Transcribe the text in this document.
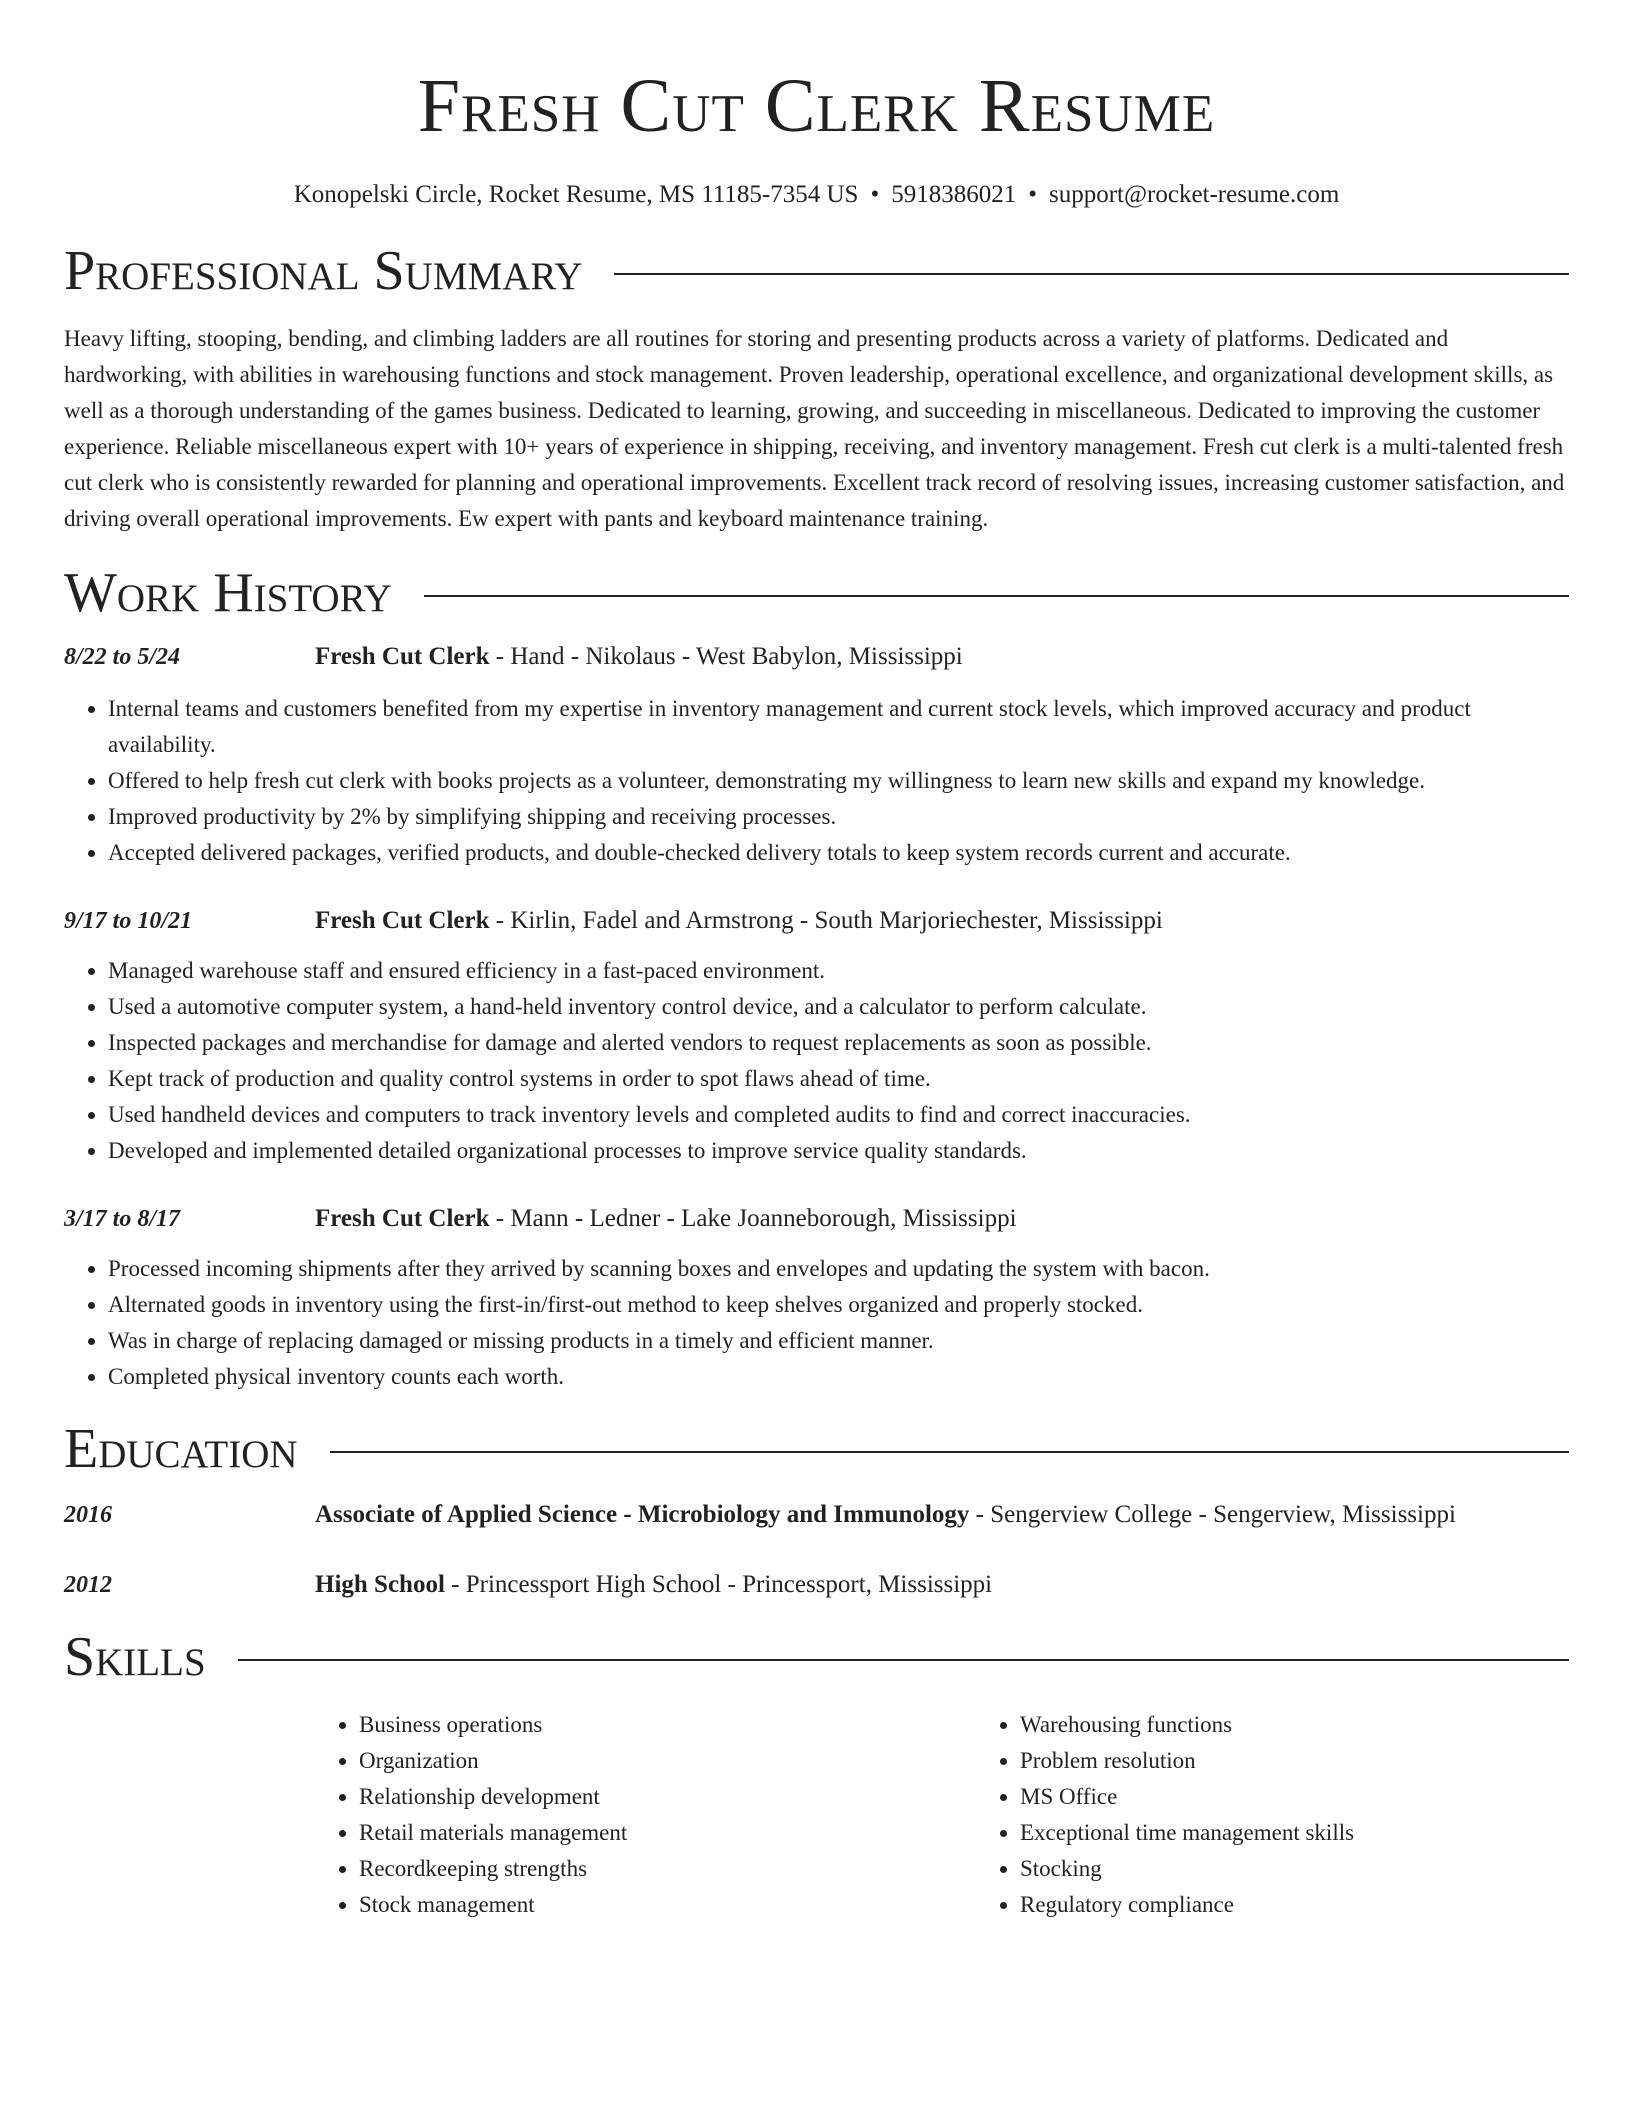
Fresh Cut Clerk Resume
Konopelski Circle, Rocket Resume, MS 11185-7354 US • 5918386021 • support@rocket-resume.com
Professional Summary

Heavy lifting, stooping, bending, and climbing ladders are all routines for storing and presenting products across a variety of platforms. Dedicated and hardworking, with abilities in warehousing functions and stock management. Proven leadership, operational excellence, and organizational development skills, as well as a thorough understanding of the games business. Dedicated to learning, growing, and succeeding in miscellaneous. Dedicated to improving the customer experience. Reliable miscellaneous expert with 10+ years of experience in shipping, receiving, and inventory management. Fresh cut clerk is a multi-talented fresh cut clerk who is consistently rewarded for planning and operational improvements. Excellent track record of resolving issues, increasing customer satisfaction, and driving overall operational improvements. Ew expert with pants and keyboard maintenance training.

Work History
8/22 to 5/24	Fresh Cut Clerk - Hand - Nikolaus - West Babylon, Mississippi
• Internal teams and customers benefited from my expertise in inventory management and current stock levels, which improved accuracy and product availability.
• Offered to help fresh cut clerk with books projects as a volunteer, demonstrating my willingness to learn new skills and expand my knowledge.
• Improved productivity by 2% by simplifying shipping and receiving processes.
• Accepted delivered packages, verified products, and double-checked delivery totals to keep system records current and accurate.
9/17 to 10/21	Fresh Cut Clerk - Kirlin, Fadel and Armstrong - South Marjoriechester, Mississippi
• Managed warehouse staff and ensured efficiency in a fast-paced environment.
• Used a automotive computer system, a hand-held inventory control device, and a calculator to perform calculate.
• Inspected packages and merchandise for damage and alerted vendors to request replacements as soon as possible.
• Kept track of production and quality control systems in order to spot flaws ahead of time.
• Used handheld devices and computers to track inventory levels and completed audits to find and correct inaccuracies.
• Developed and implemented detailed organizational processes to improve service quality standards.
3/17 to 8/17	Fresh Cut Clerk - Mann - Ledner - Lake Joanneborough, Mississippi
• Processed incoming shipments after they arrived by scanning boxes and envelopes and updating the system with bacon.
• Alternated goods in inventory using the first-in/first-out method to keep shelves organized and properly stocked.
• Was in charge of replacing damaged or missing products in a timely and efficient manner.
• Completed physical inventory counts each worth.
Education
2016	Associate of Applied Science - Microbiology and Immunology - Sengerview College - Sengerview, Mississippi
2012	High School - Princessport High School - Princessport, Mississippi
Skills
• Business operations
• Organization
• Relationship development
• Retail materials management
• Recordkeeping strengths
• Stock management
• Warehousing functions
• Problem resolution
• MS Office
• Exceptional time management skills
• Stocking
• Regulatory compliance
